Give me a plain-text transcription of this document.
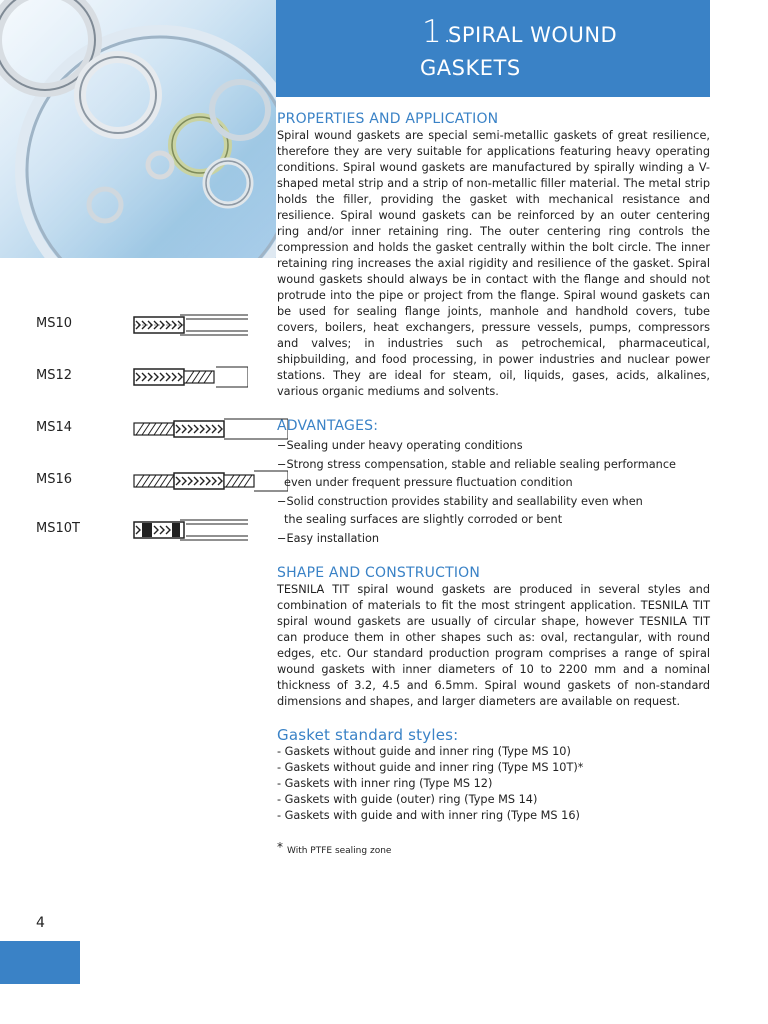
1.
SPIRAL WOUND
GASKETS
MS10
MS12
MS14
MS16
MS10T
PROPERTIES AND APPLICATION

Spiral wound gaskets are special semi-metallic gaskets of great resilience, therefore they are very suitable for applications featuring heavy operating conditions. Spiral wound gaskets are manufactured by spirally winding a V-shaped metal strip and a strip of non-metallic filler material. The metal strip holds the filler, providing the gasket with mechanical resistance and resilience. Spiral wound gaskets can be reinforced by an outer centering ring and/or inner retaining ring. The outer centering ring controls the compression and holds the gasket centrally within the bolt circle. The inner retaining ring increases the axial rigidity and resilience of the gasket. Spiral wound gaskets should always be in contact with the flange and should not protrude into the pipe or project from the flange. Spiral wound gaskets can be used for sealing flange joints, manhole and handhold covers, tube covers, boilers, heat exchangers, pressure vessels, pumps, compressors and valves; in industries such as petrochemical, pharmaceutical, shipbuilding, and food processing, in power industries and nuclear power stations. They are ideal for steam, oil, liquids, gases, acids, alkalines, various organic mediums and solvents.

ADVANTAGES:
−Sealing under heavy operating conditions
−Strong stress compensation, stable and reliable sealing performance
even under frequent pressure fluctuation condition
−Solid construction provides stability and seallability even when
the sealing surfaces are slightly corroded or bent
−Easy installation
SHAPE AND CONSTRUCTION

TESNILA TIT spiral wound gaskets are produced in several styles and combination of materials to fit the most stringent application. TESNILA TIT spiral wound gaskets are usually of circular shape, however TESNILA TIT can produce them in other shapes such as: oval, rectangular, with round edges, etc. Our standard production program comprises a range of spiral wound gaskets with inner diameters of 10 to 2200 mm and a nominal thickness of 3.2, 4.5 and 6.5mm. Spiral wound gaskets of non-standard dimensions and shapes, and larger diameters are available on request.

Gasket standard styles:
- Gaskets without guide and inner ring (Type MS 10)
- Gaskets without guide and inner ring (Type MS 10T)*
- Gaskets with inner ring (Type MS 12)
- Gaskets with guide (outer) ring (Type MS 14)
- Gaskets with guide and with inner ring (Type MS 16)
* With PTFE sealing zone
4
